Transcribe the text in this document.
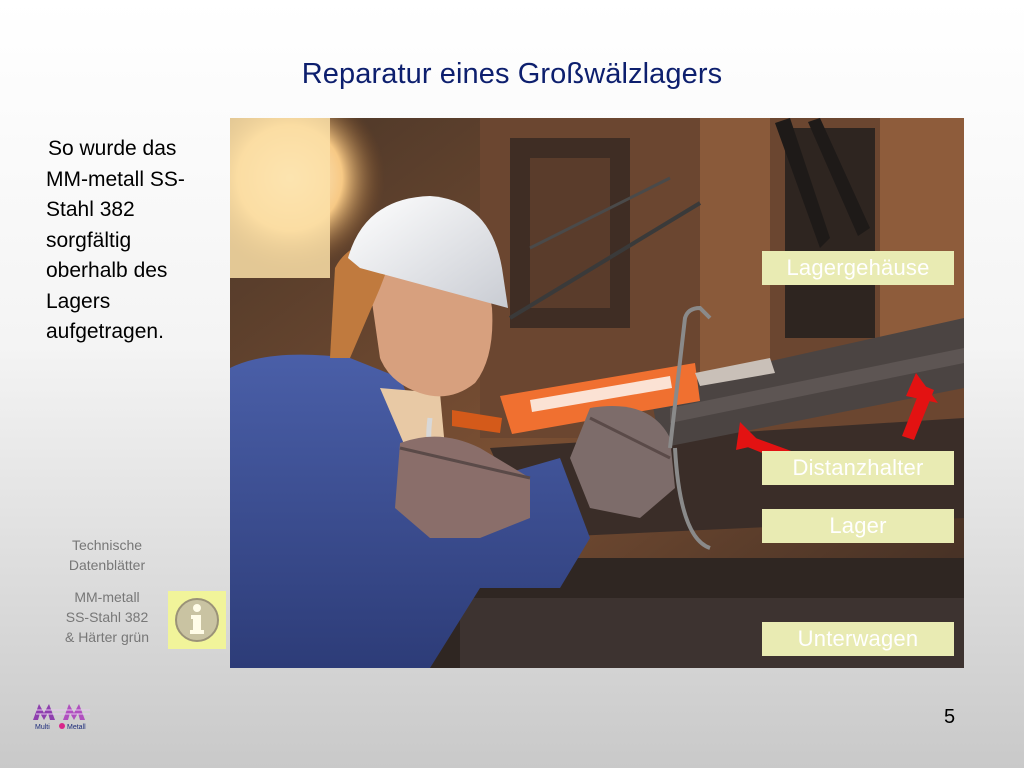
Reparatur eines Großwälzlagers
So wurde das
MM-metall SS-
Stahl 382
sorgfältig
oberhalb des
Lagers
aufgetragen.
Lagergehäuse
Distanzhalter
Lager
Unterwagen
Technische
Datenblätter
MM-metall
SS-Stahl 382
& Härter grün
Multi Metall	5
